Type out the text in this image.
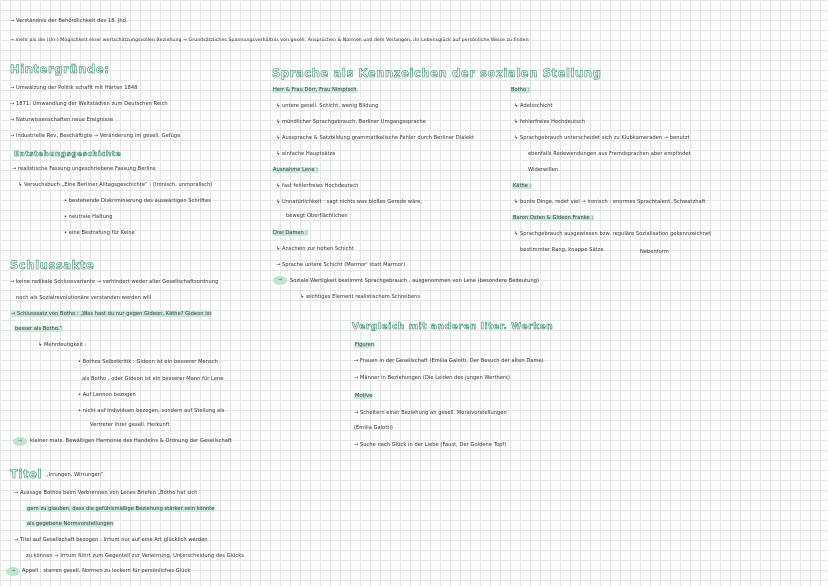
→ Verständnis der Behördlichkeit des 18. Jhd.
→ mehr als die (Un-) Möglichkeit einer wertschätzungsvollen Beziehung → Grundsätzliches Spannungsverhältnis von gesell. Ansprüchen & Normen und dem Verlangen, ihr Lebensglück auf persönliche Weise zu finden
Hintergründe:
→ Umwälzung der Politik schafft mit Härten 1848
→ 1871: Umwandlung der Weltstädten zum Deutschen Reich
→ Naturwissenschaften neue Ereignisse
→ Industrielle Rev, Beschäftigte → Veränderung im gesell. Gefüge
Entstehungsgeschichte
→ realistische Fassung ungeschriebene Fassung Berlins
↳ Versuchsbuch „Eine Berliner Alltagsgeschichte“ : (Ironisch, unmoralisch)
• bestehende Diskriminierung des auswärtigen Schriftes
• neutrale Haltung
• eine Bestrafung für Keine
Schlussakte
→ keine radikale Schlussvariante → verhindert weder aller Gesellschaftsordnung
noch als Sozialrevolutionäre verstanden werden will
→ Schlusssatz von Botho : „Was hast du nur gegen Gideon, Käthe? Gideon ist
besser als Botho.“
↳ Mehrdeutigkeit :
• Bothos Selbstkritik : Gideon ist ein besserer Mensch
als Botho , oder Gideon ist ein besserer Mann für Lene
• Auf Lennon bezogen
• nicht auf Individuen bezogen, sondern auf Stellung als
Vertreter ihrer gesell. Herkunft
→	kleiner mats. Bewältigen Harmonie des Handelns & Ordnung der Gesellschaft
Titel „Irrungen, Wirrungen“
→ Aussage Bothos beim Verbrennen von Lenes Briefen „Botho hat sich
gern zu glauben, dass die gefühlsmäßige Beziehung stärker sein könnte
als gegebene Normvorstellungen
→ Titel auf Gesellschaft bezogen : Irrtum nur auf eine Art glücklich werden
zu können → Irrtum führt zum Gegenteil zur Verwirrung, Unterscheidung des Glücks
→	Appell : starren gesell. Normen zu lockern für persönliches Glück
Sprache als Kennzeichen der sozialen Stellung
Herr & Frau Dörr, Frau Nimptsch
↳ untere gesell. Schicht, wenig Bildung
↳ mündlicher Sprachgebrauch, Berliner Umgangssprache
↳ Aussprache & Satzbildung grammatikalische Fehler durch Berliner Dialekt
↳ einfache Hauptsätze
Ausnahme Lene :
↳ fast fehlerfreies Hochdeutsch
↳ Unnatürlichkeit : sagt nichts was bloßes Gerede wäre,
bewegt Oberflächlichen
Drei Damen :
↳ Anschein zur hohen Schicht
→ Sprache untere Schicht (Marmor' statt Marmor)
→	Soziale Wertigkeit bestimmt Sprachgebrauch , ausgenommen von Lene (besondere Bedeutung)
↳ wichtiges Element realistischem Schreibens
Botho :
↳ Adelsschicht
↳ fehlerfreies Hochdeutsch
↳ Sprachgebrauch unterscheidet sich zu Klubkameraden → benutzt
ebenfalls Redewendungen aus Fremdsprachen aber empfindet
Widerwillen
Käthe :
↳ bunte Dinge, redet viel → ironisch : enormes Sprachtalent, Schwatzhaft
Baron Osten & Gideon Franke :
↳ Sprachgebrauch ausgewiesen bzw. reguläre Sozialisation gekennzeichnet
bestimmter Rang, knappe Sätze	Nebenform
Vergleich mit anderen liter. Werken
Figuren
→ Frauen in der Gesellschaft (Emilia Galotti, Der Besuch der alten Dame)
→ Männer in Beziehungen (Die Leiden des jungen Werthers)
Motive
→ Scheitern einer Beziehung an gesell. Moralvorstellungen
(Emilia Galotti)
→ Suche nach Glück in der Liebe (Faust, Der Goldene Topf)
